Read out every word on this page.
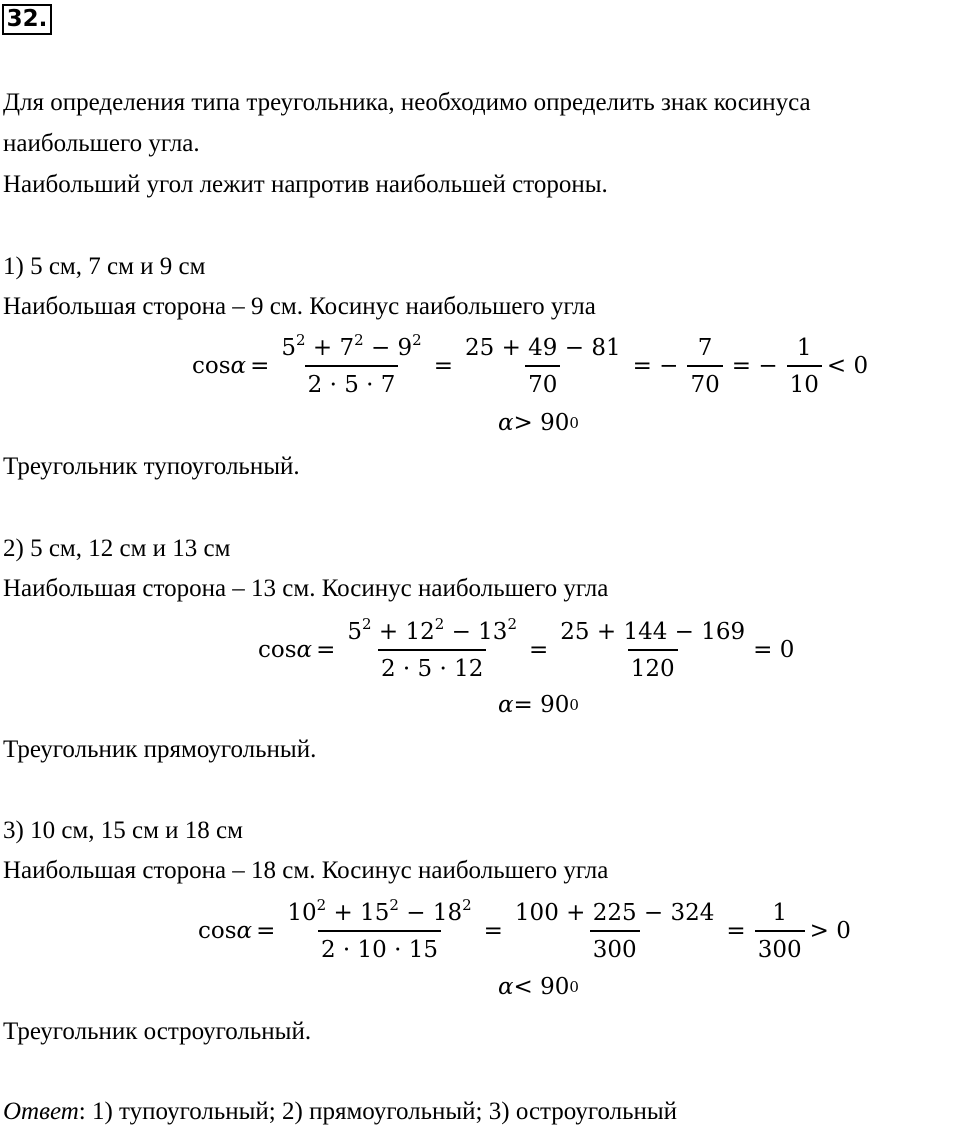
32.
Для определения типа треугольника, необходимо определить знак косинуса
наибольшего угла.
Наибольший угол лежит напротив наибольшей стороны.
1) 5 см, 7 см и 9 см
Наибольшая сторона – 9 см. Косинус наибольшего угла
$\cos \alpha = \frac{5^2 + 7^2 - 9^2}{2 \cdot 5 \cdot 7} = \frac{25 + 49 - 81}{70}$ = − $\frac{7}{70}$ = − $\frac{1}{10} < 0$
α > 90 0
Треугольник тупоугольный.
2) 5 см, 12 см и 13 см
Наибольшая сторона – 13 см. Косинус наибольшего угла
$\cos \alpha = \frac{5^2 + 12^2 - 13^2}{2 \cdot 5 \cdot 12} = \frac{25 + 144 - 169}{120} = 0$
α = 90 0
Треугольник прямоугольный.
3) 10 см, 15 см и 18 см
Наибольшая сторона – 18 см. Косинус наибольшего угла
$\cos \alpha = \frac{10^2 + 15^2 - 18^2}{2 \cdot 10 \cdot 15} = \frac{100 + 225 - 324}{300} = \frac{1}{300} > 0$
α < 90 0
Треугольник остроугольный.
Ответ: 1) тупоугольный; 2) прямоугольный; 3) остроугольный
